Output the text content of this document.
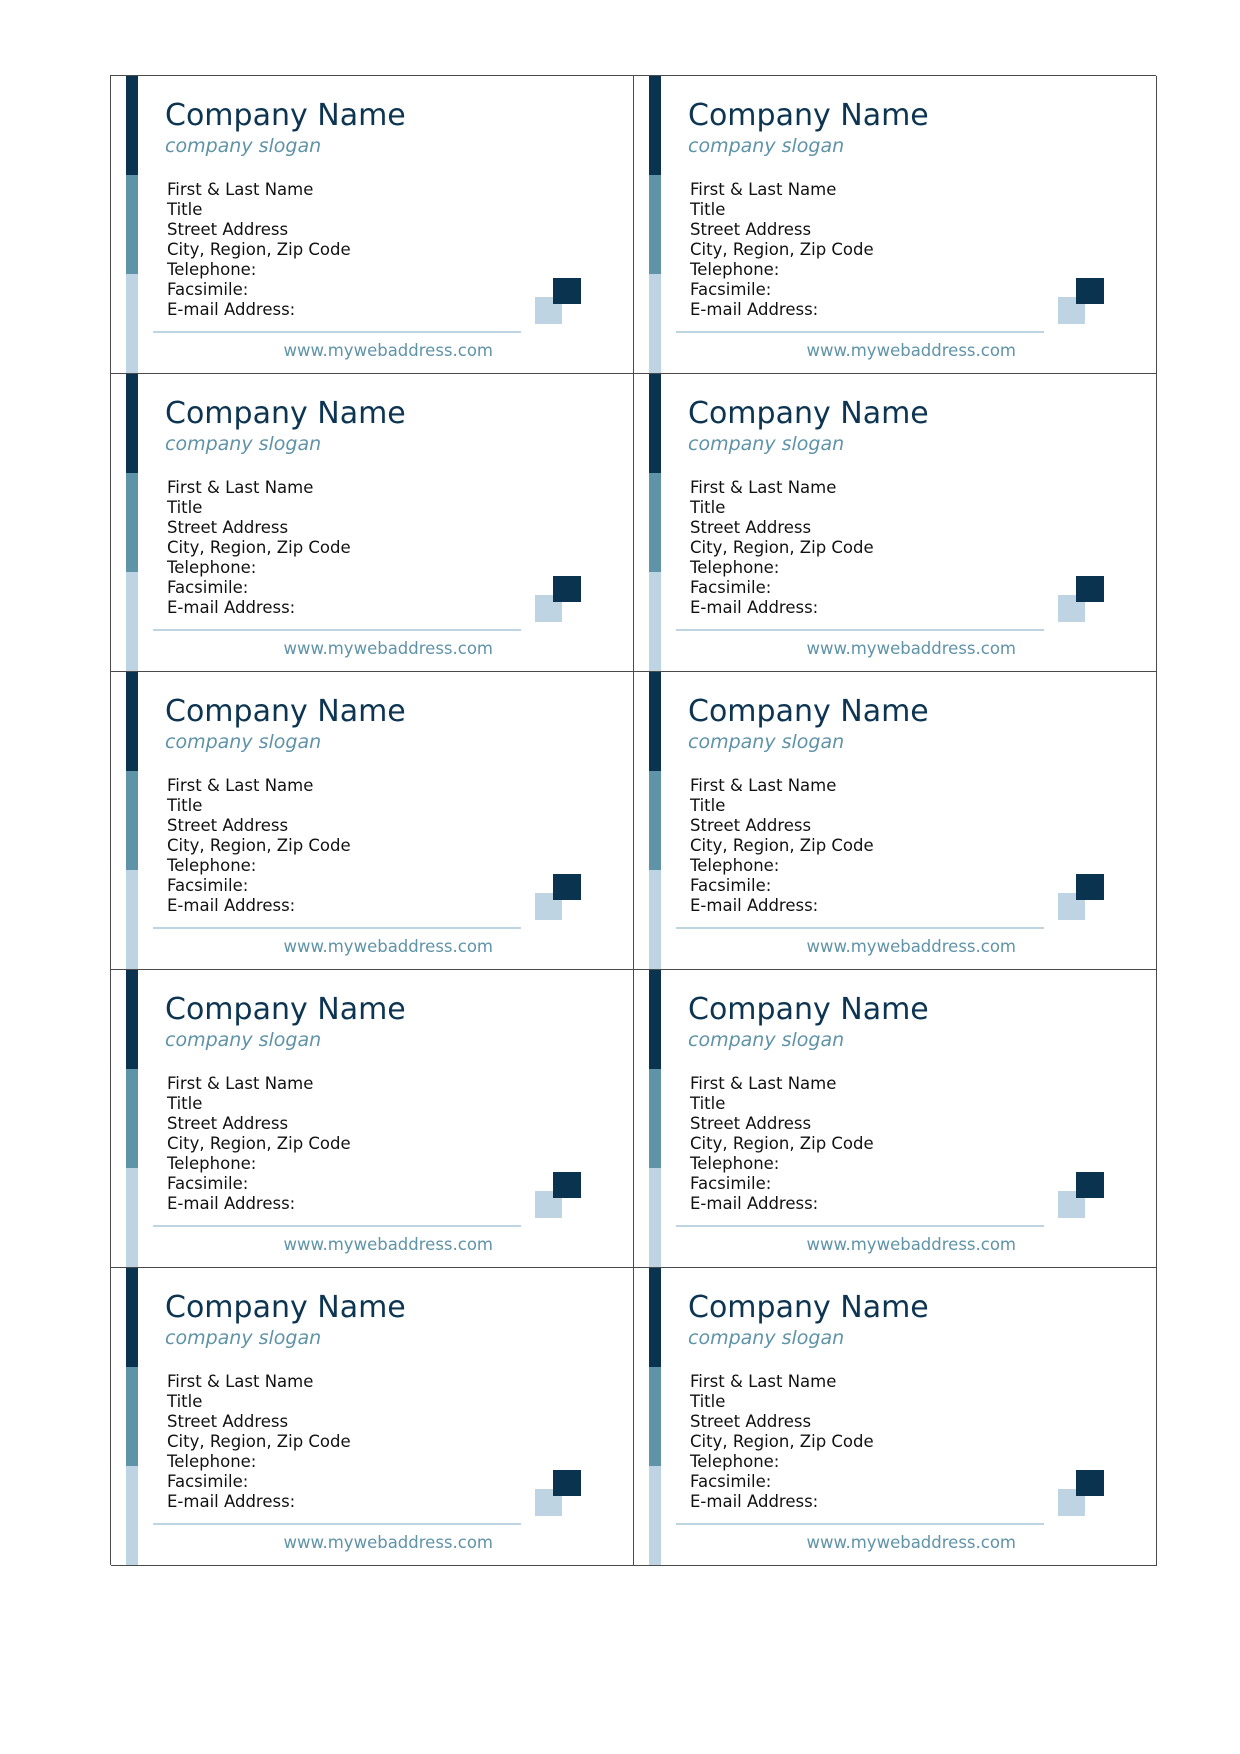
Company Name
company slogan
First & Last Name
Title
Street Address
City, Region, Zip Code
Telephone:
Facsimile:
E-mail Address:
www.mywebaddress.com
Company Name
company slogan
First & Last Name
Title
Street Address
City, Region, Zip Code
Telephone:
Facsimile:
E-mail Address:
www.mywebaddress.com
Company Name
company slogan
First & Last Name
Title
Street Address
City, Region, Zip Code
Telephone:
Facsimile:
E-mail Address:
www.mywebaddress.com
Company Name
company slogan
First & Last Name
Title
Street Address
City, Region, Zip Code
Telephone:
Facsimile:
E-mail Address:
www.mywebaddress.com
Company Name
company slogan
First & Last Name
Title
Street Address
City, Region, Zip Code
Telephone:
Facsimile:
E-mail Address:
www.mywebaddress.com
Company Name
company slogan
First & Last Name
Title
Street Address
City, Region, Zip Code
Telephone:
Facsimile:
E-mail Address:
www.mywebaddress.com
Company Name
company slogan
First & Last Name
Title
Street Address
City, Region, Zip Code
Telephone:
Facsimile:
E-mail Address:
www.mywebaddress.com
Company Name
company slogan
First & Last Name
Title
Street Address
City, Region, Zip Code
Telephone:
Facsimile:
E-mail Address:
www.mywebaddress.com
Company Name
company slogan
First & Last Name
Title
Street Address
City, Region, Zip Code
Telephone:
Facsimile:
E-mail Address:
www.mywebaddress.com
Company Name
company slogan
First & Last Name
Title
Street Address
City, Region, Zip Code
Telephone:
Facsimile:
E-mail Address:
www.mywebaddress.com
